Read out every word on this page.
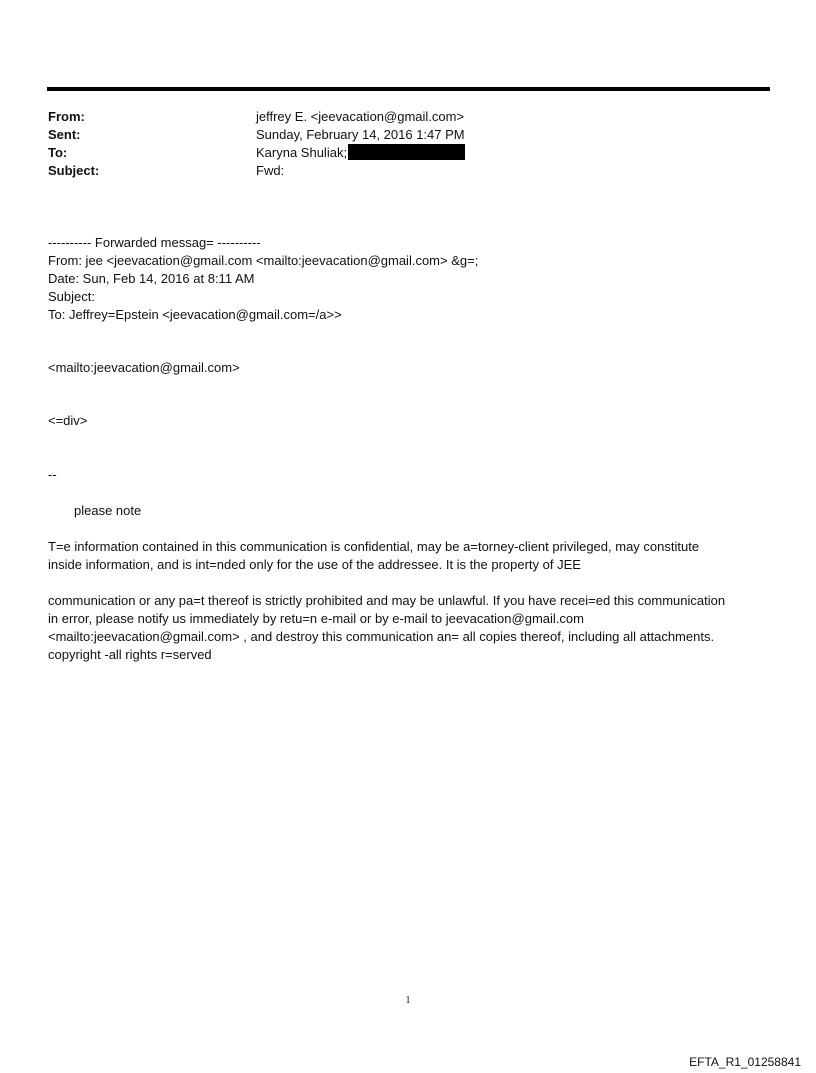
From:	jeffrey E. <jeevacation@gmail.com>
Sent:	Sunday, February 14, 2016 1:47 PM
To:	Karyna Shuliak;
Subject:	Fwd:
---------- Forwarded messag= ----------
From: jee <jeevacation@gmail.com <mailto:jeevacation@gmail.com> &g=;
Date: Sun, Feb 14, 2016 at 8:11 AM
Subject:
To: Jeffrey=Epstein <jeevacation@gmail.com=/a>>
<mailto:jeevacation@gmail.com>
<=div>
--
please note
T=e information contained in this communication is confidential, may be a=torney-client privileged, may constitute
inside information, and is int=nded only for the use of the addressee. It is the property of JEE
communication or any pa=t thereof is strictly prohibited and may be unlawful. If you have recei=ed this communication
in error, please notify us immediately by retu=n e-mail or by e-mail to jeevacation@gmail.com
<mailto:jeevacation@gmail.com> , and destroy this communication an= all copies thereof, including all attachments.
copyright -all rights r=served
1
EFTA_R1_01258841
